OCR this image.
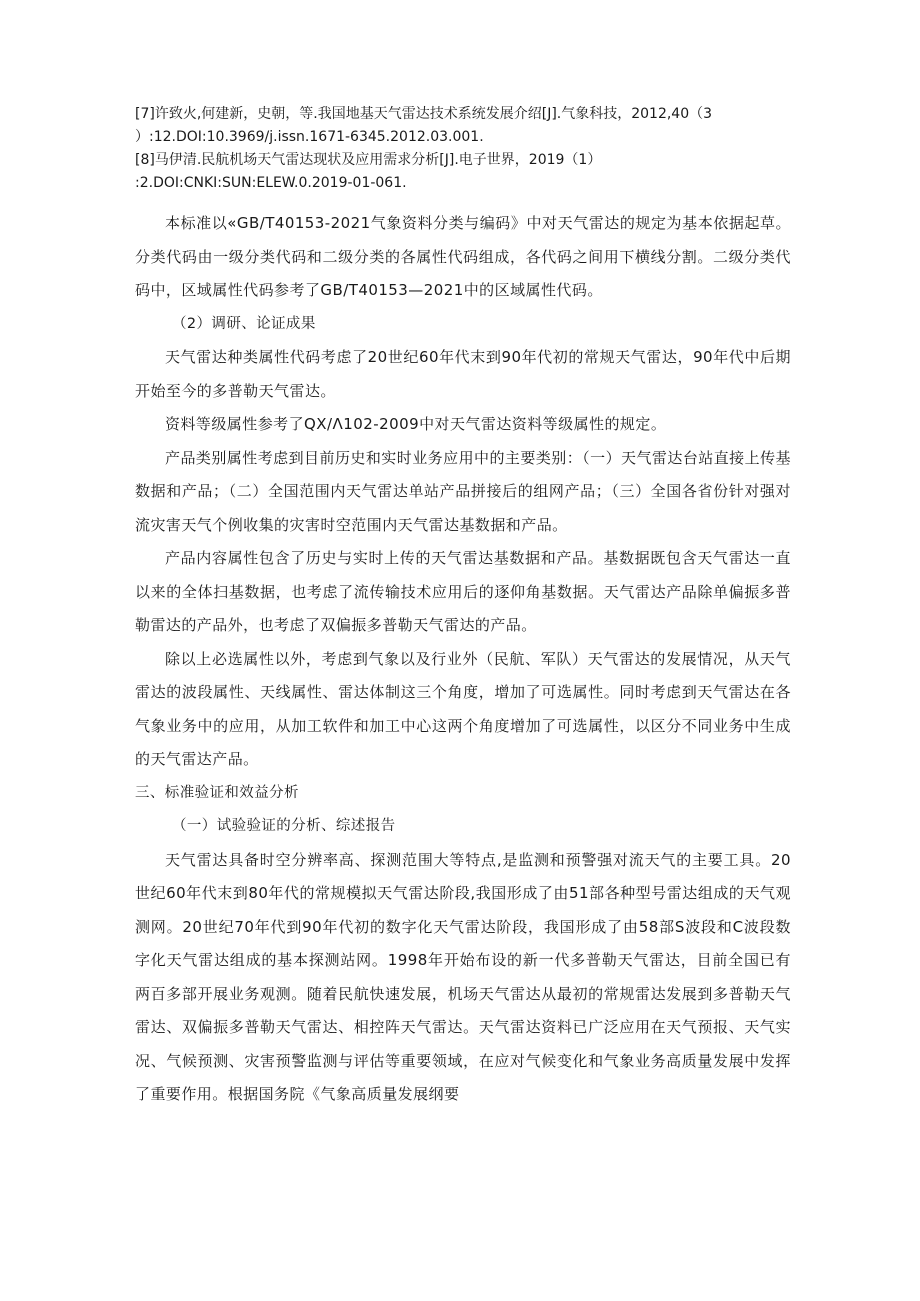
[7]许致火,何建新，史朝，等.我国地基天气雷达技术系统发展介绍[J].气象科技，2012,40（3
）:12.DOI:10.3969/j.issn.1671-6345.2012.03.001.
[8]马伊清.民航机场天气雷达现状及应用需求分析[J].电子世界，2019（1）
:2.DOI:CNKI:SUN:ELEW.0.2019-01-061.

本标准以«GB/T40153-2021气象资料分类与编码》中对天气雷达的规定为基本依据起草。分类代码由一级分类代码和二级分类的各属性代码组成，各代码之间用下横线分割。二级分类代码中，区域属性代码参考了GB/T40153—2021中的区域属性代码。

（2）调研、论证成果

天气雷达种类属性代码考虑了20世纪60年代末到90年代初的常规天气雷达，90年代中后期开始至今的多普勒天气雷达。

资料等级属性参考了QX/Λ102-2009中对天气雷达资料等级属性的规定。

产品类别属性考虑到目前历史和实时业务应用中的主要类别：（一）天气雷达台站直接上传基数据和产品；（二）全国范围内天气雷达单站产品拼接后的组网产品；（三）全国各省份针对强对流灾害天气个例收集的灾害时空范围内天气雷达基数据和产品。

产品内容属性包含了历史与实时上传的天气雷达基数据和产品。基数据既包含天气雷达一直以来的全体扫基数据，也考虑了流传输技术应用后的逐仰角基数据。天气雷达产品除单偏振多普勒雷达的产品外，也考虑了双偏振多普勒天气雷达的产品。

除以上必选属性以外，考虑到气象以及行业外（民航、军队）天气雷达的发展情况，从天气雷达的波段属性、天线属性、雷达体制这三个角度，增加了可选属性。同时考虑到天气雷达在各气象业务中的应用，从加工软件和加工中心这两个角度增加了可选属性，以区分不同业务中生成的天气雷达产品。

三、标准验证和效益分析

（一）试验验证的分析、综述报告

天气雷达具备时空分辨率高、探测范围大等特点,是监测和预警强对流天气的主要工具。20世纪60年代末到80年代的常规模拟天气雷达阶段,我国形成了由51部各种型号雷达组成的天气观测网。20世纪70年代到90年代初的数字化天气雷达阶段，我国形成了由58部S波段和C波段数字化天气雷达组成的基本探测站网。1998年开始布设的新一代多普勒天气雷达，目前全国已有两百多部开展业务观测。随着民航快速发展，机场天气雷达从最初的常规雷达发展到多普勒天气雷达、双偏振多普勒天气雷达、相控阵天气雷达。天气雷达资料已广泛应用在天气预报、天气实况、气候预测、灾害预警监测与评估等重要领域，在应对气候变化和气象业务高质量发展中发挥了重要作用。根据国务院《气象高质量发展纲要
